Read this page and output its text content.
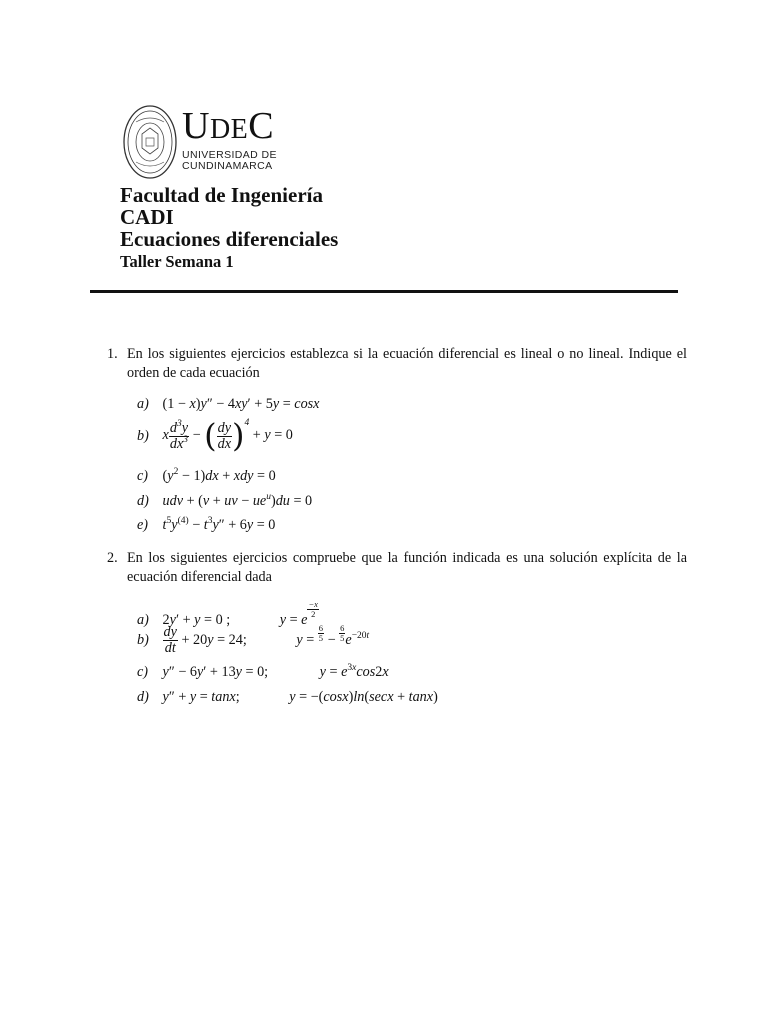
UDEC
UNIVERSIDAD DE
CUNDINAMARCA
Facultad de Ingeniería
CADI
Ecuaciones diferenciales
Taller Semana 1
1. En los siguientes ejercicios establezca si la ecuación diferencial es lineal o no lineal. Indique el orden de cada ecuación
a) (1 − x)y″ − 4xy′ + 5y = cosx
b) x $\frac{d^3y}{dx^3}$ − ( $\frac{dy}{dx} )^4 + y = 0$
c) $(y^2 - 1)dx$ + xdy = 0
d) udv + (v + uv − $ue^u)du = 0$
e) $t^5y^{(4)} - t^3y'' + 6y = 0$
2. En los siguientes ejercicios compruebe que la función indicada es una solución explícita de la ecuación diferencial dada
a) 2y′ + y = 0 ;	y = e
$\frac{-x}{2}$
$b) \frac{dy}{dt} + 20y = 24$;	$y = \frac{6}{5} - \frac{6}{5} e^{-20t}$
c) y″ − 6y′ + 13y = 0;	$y = e^{3x}\cos 2x$
d) y″ + y = tanx;	y = −(cosx)ln(secx + tanx)
